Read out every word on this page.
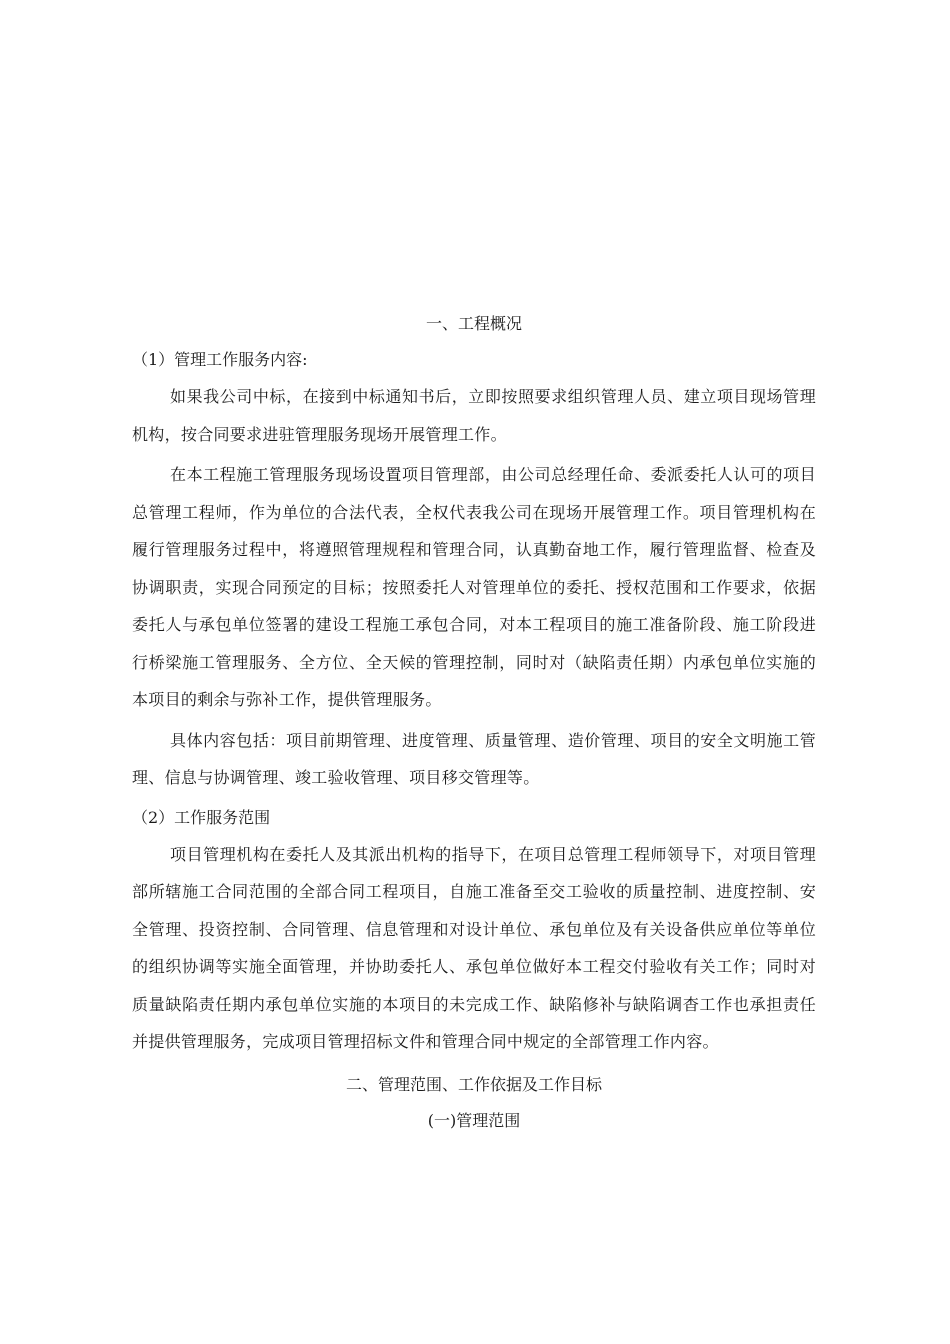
一、工程概况
（1）管理工作服务内容:

如果我公司中标，在接到中标通知书后，立即按照要求组织管理人员、建立项目现场管理机构，按合同要求进驻管理服务现场开展管理工作。

在本工程施工管理服务现场设置项目管理部，由公司总经理任命、委派委托人认可的项目总管理工程师，作为单位的合法代表，全权代表我公司在现场开展管理工作。项目管理机构在履行管理服务过程中，将遵照管理规程和管理合同，认真勤奋地工作，履行管理监督、检查及协调职责，实现合同预定的目标；按照委托人对管理单位的委托、授权范围和工作要求，依据委托人与承包单位签署的建设工程施工承包合同，对本工程项目的施工准备阶段、施工阶段进行桥梁施工管理服务、全方位、全天候的管理控制，同时对（缺陷责任期）内承包单位实施的本项目的剩余与弥补工作，提供管理服务。

具体内容包括：项目前期管理、进度管理、质量管理、造价管理、项目的安全文明施工管理、信息与协调管理、竣工验收管理、项目移交管理等。

（2）工作服务范围

项目管理机构在委托人及其派出机构的指导下，在项目总管理工程师领导下，对项目管理部所辖施工合同范围的全部合同工程项目，自施工准备至交工验收的质量控制、进度控制、安全管理、投资控制、合同管理、信息管理和对设计单位、承包单位及有关设备供应单位等单位的组织协调等实施全面管理，并协助委托人、承包单位做好本工程交付验收有关工作；同时对质量缺陷责任期内承包单位实施的本项目的未完成工作、缺陷修补与缺陷调杳工作也承担责任并提供管理服务，完成项目管理招标文件和管理合同中规定的全部管理工作内容。

二、管理范围、工作依据及工作目标
(一)管理范围
